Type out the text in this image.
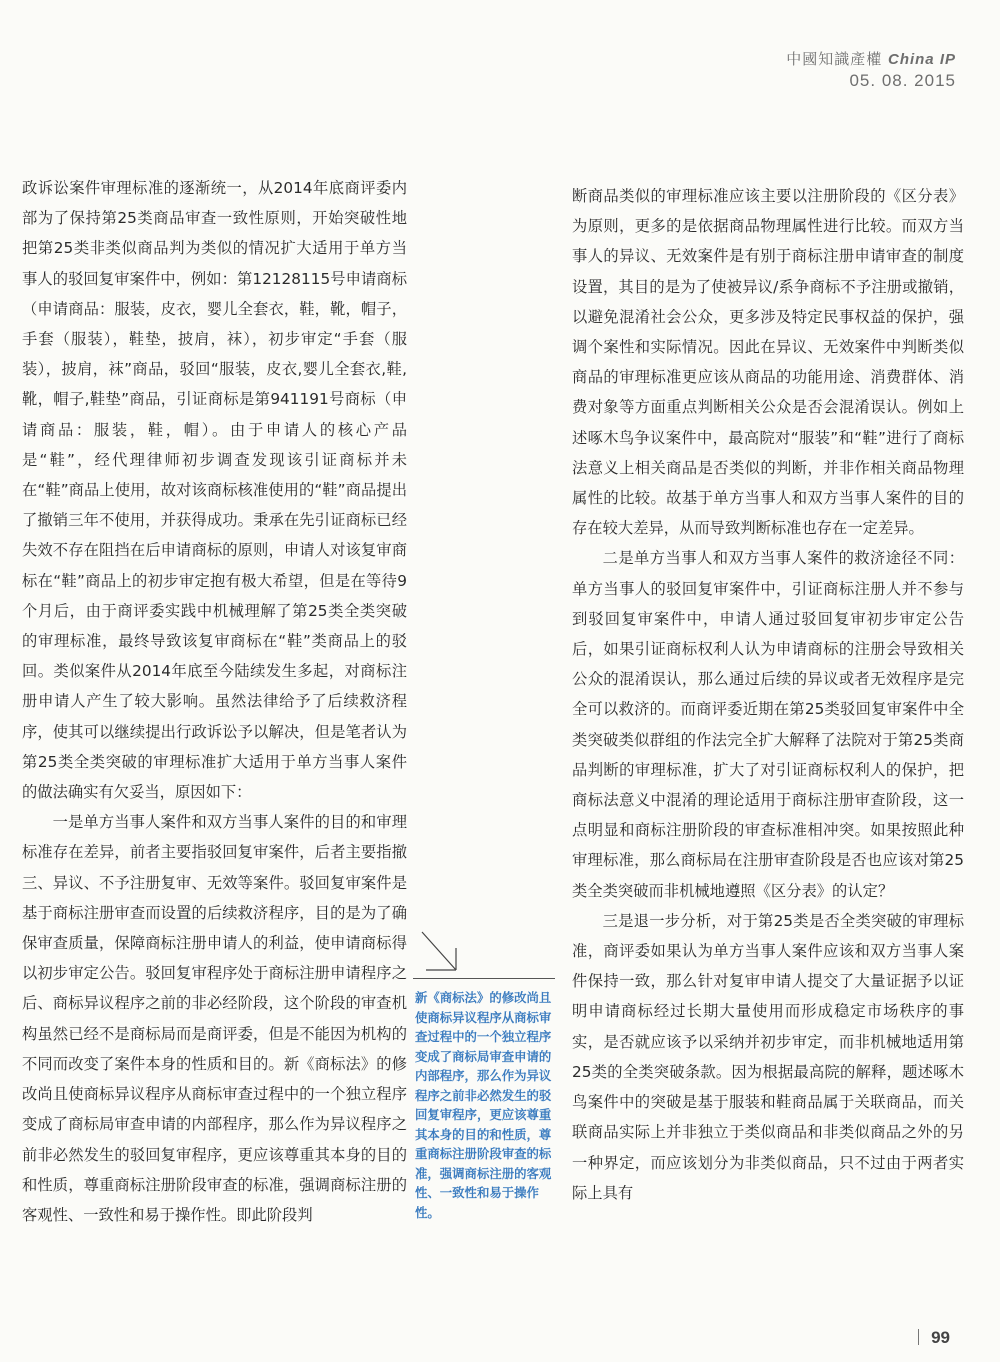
中國知識產權 China IP
05. 08. 2015

政诉讼案件审理标准的逐渐统一，从2014年底商评委内部为了保持第25类商品审查一致性原则，开始突破性地把第25类非类似商品判为类似的情况扩大适用于单方当事人的驳回复审案件中，例如：第12128115号申请商标（申请商品：服装，皮衣，婴儿全套衣，鞋，靴，帽子，手套（服装），鞋垫，披肩，袜），初步审定“手套（服装），披肩，袜”商品，驳回“服装，皮衣,婴儿全套衣,鞋,靴，帽子,鞋垫”商品，引证商标是第941191号商标（申请商品：服装，鞋，帽）。由于申请人的核心产品是“鞋”，经代理律师初步调查发现该引证商标并未在“鞋”商品上使用，故对该商标核准使用的“鞋”商品提出了撤销三年不使用，并获得成功。秉承在先引证商标已经失效不存在阻挡在后申请商标的原则，申请人对该复审商标在“鞋”商品上的初步审定抱有极大希望，但是在等待9个月后，由于商评委实践中机械理解了第25类全类突破的审理标准，最终导致该复审商标在“鞋”类商品上的驳回。类似案件从2014年底至今陆续发生多起，对商标注册申请人产生了较大影响。虽然法律给予了后续救济程序，使其可以继续提出行政诉讼予以解决，但是笔者认为第25类全类突破的审理标准扩大适用于单方当事人案件的做法确实有欠妥当，原因如下：

一是单方当事人案件和双方当事人案件的目的和审理标准存在差异，前者主要指驳回复审案件，后者主要指撤三、异议、不予注册复审、无效等案件。驳回复审案件是基于商标注册审查而设置的后续救济程序，目的是为了确保审查质量，保障商标注册申请人的利益，使申请商标得以初步审定公告。驳回复审程序处于商标注册申请程序之后、商标异议程序之前的非必经阶段，这个阶段的审查机构虽然已经不是商标局而是商评委，但是不能因为机构的不同而改变了案件本身的性质和目的。新《商标法》的修改尚且使商标异议程序从商标审查过程中的一个独立程序变成了商标局审查申请的内部程序，那么作为异议程序之前非必然发生的驳回复审程序，更应该尊重其本身的目的和性质，尊重商标注册阶段审查的标准，强调商标注册的客观性、一致性和易于操作性。即此阶段判

新《商标法》的修改尚且使商标异议程序从商标审查过程中的一个独立程序变成了商标局审查申请的内部程序，那么作为异议程序之前非必然发生的驳回复审程序，更应该尊重其本身的目的和性质，尊重商标注册阶段审查的标准，强调商标注册的客观性、一致性和易于操作性。

断商品类似的审理标准应该主要以注册阶段的《区分表》为原则，更多的是依据商品物理属性进行比较。而双方当事人的异议、无效案件是有别于商标注册申请审查的制度设置，其目的是为了使被异议/系争商标不予注册或撤销，以避免混淆社会公众，更多涉及特定民事权益的保护，强调个案性和实际情况。因此在异议、无效案件中判断类似商品的审理标准更应该从商品的功能用途、消费群体、消费对象等方面重点判断相关公众是否会混淆误认。例如上述啄木鸟争议案件中，最高院对“服装”和“鞋”进行了商标法意义上相关商品是否类似的判断，并非作相关商品物理属性的比较。故基于单方当事人和双方当事人案件的目的存在较大差异，从而导致判断标准也存在一定差异。

二是单方当事人和双方当事人案件的救济途径不同：单方当事人的驳回复审案件中，引证商标注册人并不参与到驳回复审案件中，申请人通过驳回复审初步审定公告后，如果引证商标权利人认为申请商标的注册会导致相关公众的混淆误认，那么通过后续的异议或者无效程序是完全可以救济的。而商评委近期在第25类驳回复审案件中全类突破类似群组的作法完全扩大解释了法院对于第25类商品判断的审理标准，扩大了对引证商标权利人的保护，把商标法意义中混淆的理论适用于商标注册审查阶段，这一点明显和商标注册阶段的审查标准相冲突。如果按照此种审理标准，那么商标局在注册审查阶段是否也应该对第25类全类突破而非机械地遵照《区分表》的认定？

三是退一步分析，对于第25类是否全类突破的审理标准，商评委如果认为单方当事人案件应该和双方当事人案件保持一致，那么针对复审申请人提交了大量证据予以证明申请商标经过长期大量使用而形成稳定市场秩序的事实，是否就应该予以采纳并初步审定，而非机械地适用第25类的全类突破条款。因为根据最高院的解释，题述啄木鸟案件中的突破是基于服装和鞋商品属于关联商品，而关联商品实际上并非独立于类似商品和非类似商品之外的另一种界定，而应该划分为非类似商品，只不过由于两者实际上具有

99
